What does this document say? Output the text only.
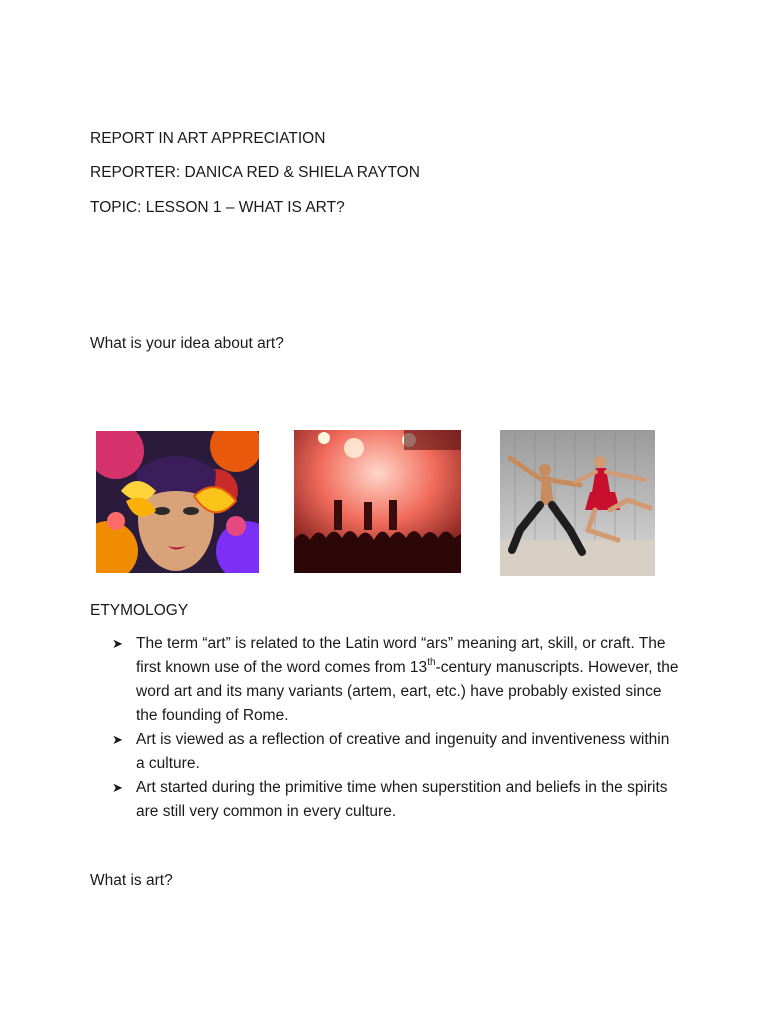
REPORT IN ART APPRECIATION
REPORTER: DANICA RED & SHIELA RAYTON
TOPIC: LESSON 1 – WHAT IS ART?
What is your idea about art?
ETYMOLOGY
➤ The term “art” is related to the Latin word “ars” meaning art, skill, or craft. The first known use of the word comes from 13th-century manuscripts. However, the word art and its many variants (artem, eart, etc.) have probably existed since the founding of Rome.
➤ Art is viewed as a reflection of creative and ingenuity and inventiveness within a culture.
➤ Art started during the primitive time when superstition and beliefs in the spirits are still very common in every culture.
What is art?
